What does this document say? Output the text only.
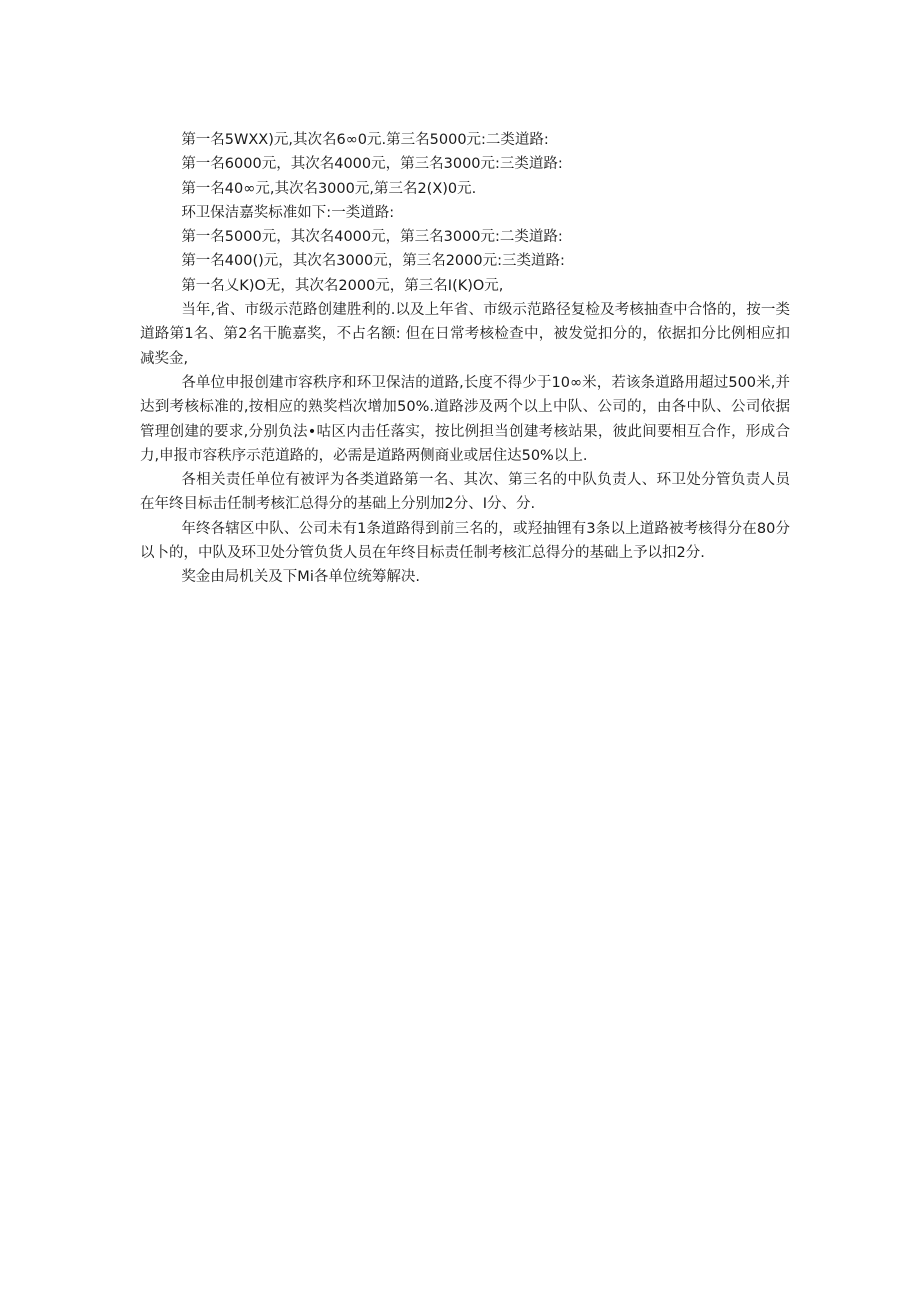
第一名5WXX)元,其次名6∞0元.第三名5000元:二类道路:

第一名6000元，其次名4000元，第三名3000元:三类道路:

第一名40∞元,其次名3000元,第三名2(X)0元.

环卫保洁嘉奖标准如下:一类道路:

第一名5000元，其次名4000元，第三名3000元:二类道路:

第一名400()元，其次名3000元，第三名2000元:三类道路:

第一名乂K)O无，其次名2000元，第三名I(K)O元,

当年,省、市级示范路创建胜利的.以及上年省、市级示范路径复检及考核抽查中合恪的，按一类道路第1名、第2名干脆嘉奖，不占名额: 但在日常考核检查中，被发觉扣分的，依据扣分比例相应扣减奖金,

各单位申报创建市容秩序和环卫保洁的道路,长度不得少于10∞米，若该条道路用超过500米,并达到考核标准的,按相应的熟奖档次增加50%.道路涉及两个以上中队、公司的，由各中队、公司依据管理创建的要求,分别负法•咕区内击任落实，按比例担当创建考核站果，彼此间要相互合作，形成合力,申报市容秩序示范道路的，必需是道路两侧商业或居住达50%以上.

各相关责任单位有被评为各类道路第一名、其次、第三名的中队负责人、环卫处分管负责人员在年终目标击任制考核汇总得分的基础上分别加2分、I分、分.

年终各辖区中队、公司未有1条道路得到前三名的，或羟抽锂有3条以上道路被考核得分在80分以卜的，中队及环卫处分管负货人员在年终目标责任制考核汇总得分的基础上予以扣2分.

奖金由局机关及下Mi各单位统筹解决.
